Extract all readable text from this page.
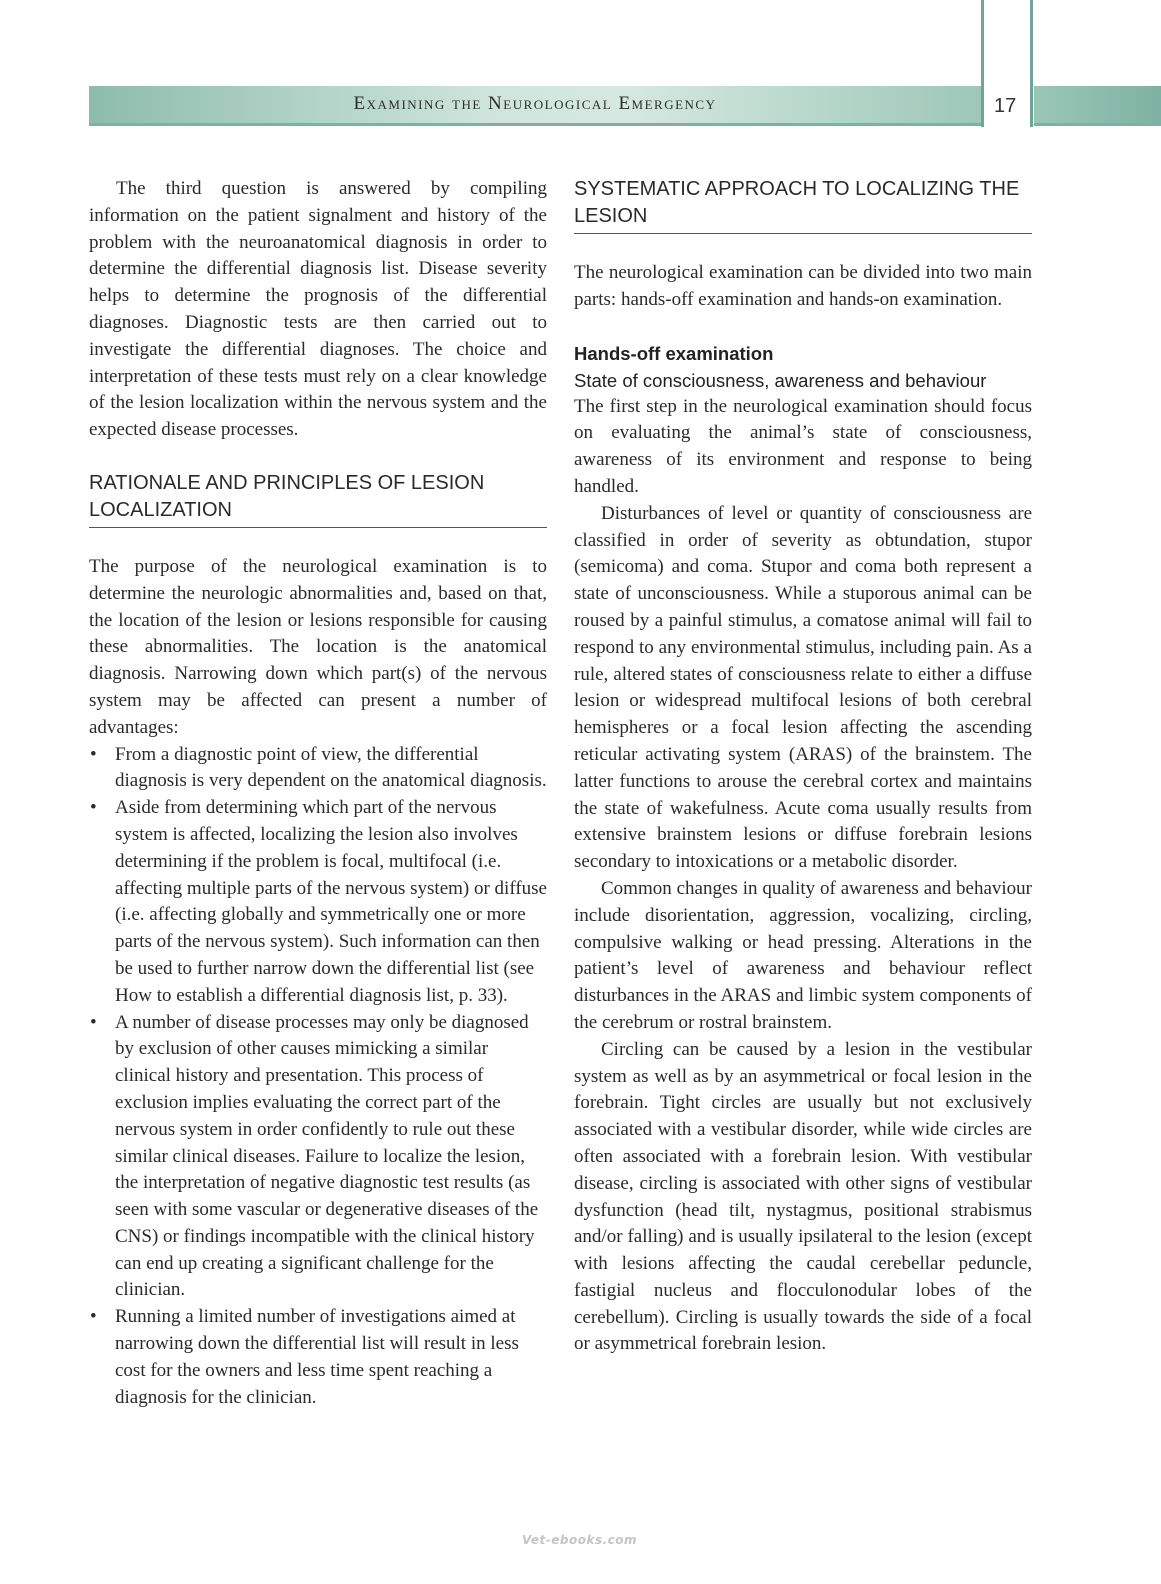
Examining the Neurological Emergency	17

The third question is answered by compiling information on the patient signalment and history of the problem with the neuroanatomical diagnosis in order to determine the differential diagnosis list. Disease severity helps to determine the prognosis of the differential diagnoses. Diagnostic tests are then carried out to investigate the differential diagnoses. The choice and interpretation of these tests must rely on a clear knowledge of the lesion localization within the nervous system and the expected disease processes.

RATIONALE AND PRINCIPLES OF LESION LOCALIZATION

The purpose of the neurological examination is to determine the neurologic abnormalities and, based on that, the location of the lesion or lesions responsible for causing these abnormalities. The location is the anatomical diagnosis. Narrowing down which part(s) of the nervous system may be affected can present a number of advantages:

• From a diagnostic point of view, the differential diagnosis is very dependent on the anatomical diagnosis.
• Aside from determining which part of the nervous system is affected, localizing the lesion also involves determining if the problem is focal, multifocal (i.e. affecting multiple parts of the nervous system) or diffuse (i.e. affecting globally and symmetrically one or more parts of the nervous system). Such information can then be used to further narrow down the differential list (see How to establish a differential diagnosis list, p. 33).
• A number of disease processes may only be diagnosed by exclusion of other causes mimicking a similar clinical history and presentation. This process of exclusion implies evaluating the correct part of the nervous system in order confidently to rule out these similar clinical diseases. Failure to localize the lesion, the interpretation of negative diagnostic test results (as seen with some vascular or degenerative diseases of the CNS) or findings incompatible with the clinical history can end up creating a significant challenge for the clinician.
• Running a limited number of investigations aimed at narrowing down the differential list will result in less cost for the owners and less time spent reaching a diagnosis for the clinician.
SYSTEMATIC APPROACH TO LOCALIZING THE LESION

The neurological examination can be divided into two main parts: hands-off examination and hands-on examination.

Hands-off examination
State of consciousness, awareness and behaviour

The first step in the neurological examination should focus on evaluating the animal’s state of consciousness, awareness of its environment and response to being handled.

Disturbances of level or quantity of consciousness are classified in order of severity as obtundation, stupor (semicoma) and coma. Stupor and coma both represent a state of unconsciousness. While a stuporous animal can be roused by a painful stimulus, a comatose animal will fail to respond to any environmental stimulus, including pain. As a rule, altered states of consciousness relate to either a diffuse lesion or widespread multifocal lesions of both cerebral hemispheres or a focal lesion affecting the ascending reticular activating system (ARAS) of the brainstem. The latter functions to arouse the cerebral cortex and maintains the state of wakefulness. Acute coma usually results from extensive brainstem lesions or diffuse forebrain lesions secondary to intoxications or a metabolic disorder.

Common changes in quality of awareness and behaviour include disorientation, aggression, vocalizing, circling, compulsive walking or head pressing. Alterations in the patient’s level of awareness and behaviour reflect disturbances in the ARAS and limbic system components of the cerebrum or rostral brainstem.

Circling can be caused by a lesion in the vestibular system as well as by an asymmetrical or focal lesion in the forebrain. Tight circles are usually but not exclusively associated with a vestibular disorder, while wide circles are often associated with a forebrain lesion. With vestibular disease, circling is associated with other signs of vestibular dysfunction (head tilt, nystagmus, positional strabismus and/or falling) and is usually ipsilateral to the lesion (except with lesions affecting the caudal cerebellar peduncle, fastigial nucleus and flocculonodular lobes of the cerebellum). Circling is usually towards the side of a focal or asymmetrical forebrain lesion.

Vet-ebooks.com
